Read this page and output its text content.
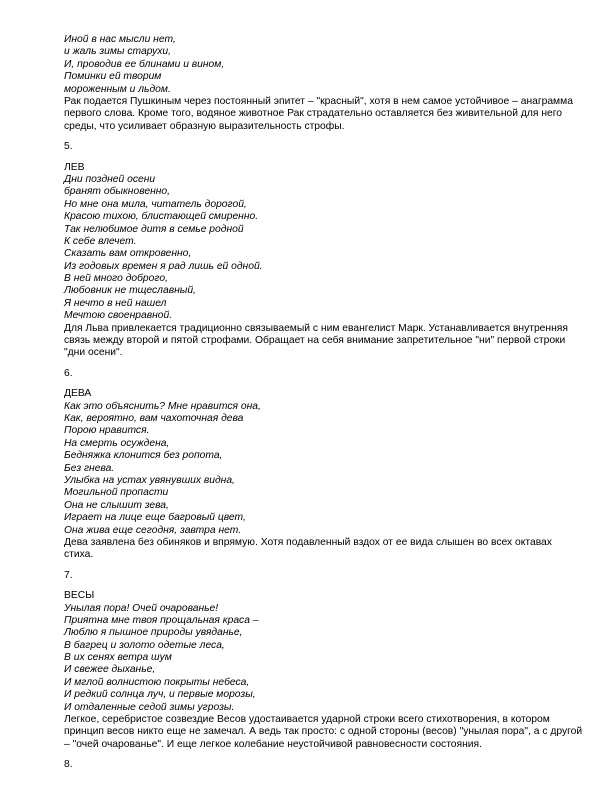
Иной в нас мысли нет,
и жаль зимы старухи,
И, проводив ее блинами и вином,
Поминки ей творим
мороженным и льдом.

Рак подается Пушкиным через постоянный эпитет – "красный", хотя в нем самое устойчивое – анаграмма первого слова. Кроме того, водяное животное Рак страдательно оставляется без живительной для него среды, что усиливает образную выразительность строфы.

5.
ЛЕВ
Дни поздней осени
бранят обыкновенно,
Но мне она мила, читатель дорогой,
Красою тихою, блистающей смиренно.
Так нелюбимое дитя в семье родной
К себе влечет.
Сказать вам откровенно,
Из годовых времен я рад лишь ей одной.
В ней много доброго,
Любовник не тщеславный,
Я нечто в ней нашел
Мечтою своенравной.

Для Льва привлекается традиционно связываемый с ним евангелист Марк. Устанавливается внутренняя связь между второй и пятой строфами. Обращает на себя внимание запретительное "ни" первой строки "дни осени".

6.
ДЕВА
Как это объяснить? Мне нравится она,
Как, вероятно, вам чахоточная дева
Порою нравится.
На смерть осуждена,
Бедняжка клонится без ропота,
Без гнева.
Улыбка на устах увянувших видна,
Могильной пропасти
Она не слышит зева,
Играет на лице еще багровый цвет,
Она жива еще сегодня, завтра нет.

Дева заявлена без обиняков и впрямую. Хотя подавленный вздох от ее вида слышен во всех октавах стиха.

7.
ВЕСЫ
Унылая пора! Очей очарованье!
Приятна мне твоя прощальная краса –
Люблю я пышное природы увяданье,
В багрец и золото одетые леса,
В их сенях ветра шум
И свежее дыханье,
И мглой волнистою покрыты небеса,
И редкий солнца луч, и первые морозы,
И отдаленные седой зимы угрозы.

Легкое, серебристое созвездие Весов удостаивается ударной строки всего стихотворения, в котором принцип весов никто еще не замечал. А ведь так просто: с одной стороны (весов) "унылая пора", а с другой – "очей очарованье". И еще легкое колебание неустойчивой равновесности состояния.

8.
